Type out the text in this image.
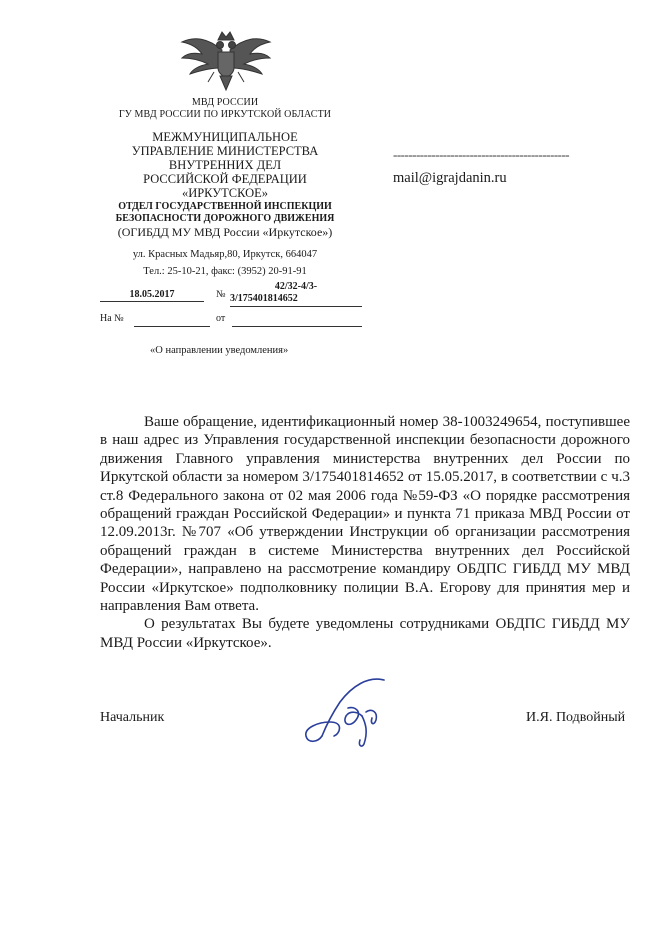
МВД РОССИИ
ГУ МВД РОССИИ ПО ИРКУТСКОЙ ОБЛАСТИ
МЕЖМУНИЦИПАЛЬНОЕ
УПРАВЛЕНИЕ МИНИСТЕРСТВА
ВНУТРЕННИХ ДЕЛ
РОССИЙСКОЙ ФЕДЕРАЦИИ
«ИРКУТСКОЕ»
ОТДЕЛ ГОСУДАРСТВЕННОЙ ИНСПЕКЦИИ
БЕЗОПАСНОСТИ ДОРОЖНОГО ДВИЖЕНИЯ
(ОГИБДД МУ МВД России «Иркутское»)
ул. Красных Мадьяр,80, Иркутск, 664047
Тел.: 25-10-21, факс: (3952) 20-91-91
18.05.2017	№
42/32-4/3-
3/175401814652
На №	от
«О направлении уведомления»
----------------------------------------------
mail@igrajdanin.ru

Ваше обращение, идентификационный номер 38-1003249654, поступившее в наш адрес из Управления государственной инспекции безопасности дорожного движения Главного управления министерства внутренних дел России по Иркутской области за номером 3/175401814652 от 15.05.2017, в соответствии с ч.3 ст.8 Федерального закона от 02 мая 2006 года №59-ФЗ «О порядке рассмотрения обращений граждан Российской Федерации» и пункта 71 приказа МВД России от 12.09.2013г. №707 «Об утверждении Инструкции об организации рассмотрения обращений граждан в системе Министерства внутренних дел Российской Федерации», направлено на рассмотрение командиру ОБДПС ГИБДД МУ МВД России «Иркутское» подполковнику полиции В.А. Егорову для принятия мер и направления Вам ответа.

О результатах Вы будете уведомлены сотрудниками ОБДПС ГИБДД МУ МВД России «Иркутское».

Начальник	И.Я. Подвойный
